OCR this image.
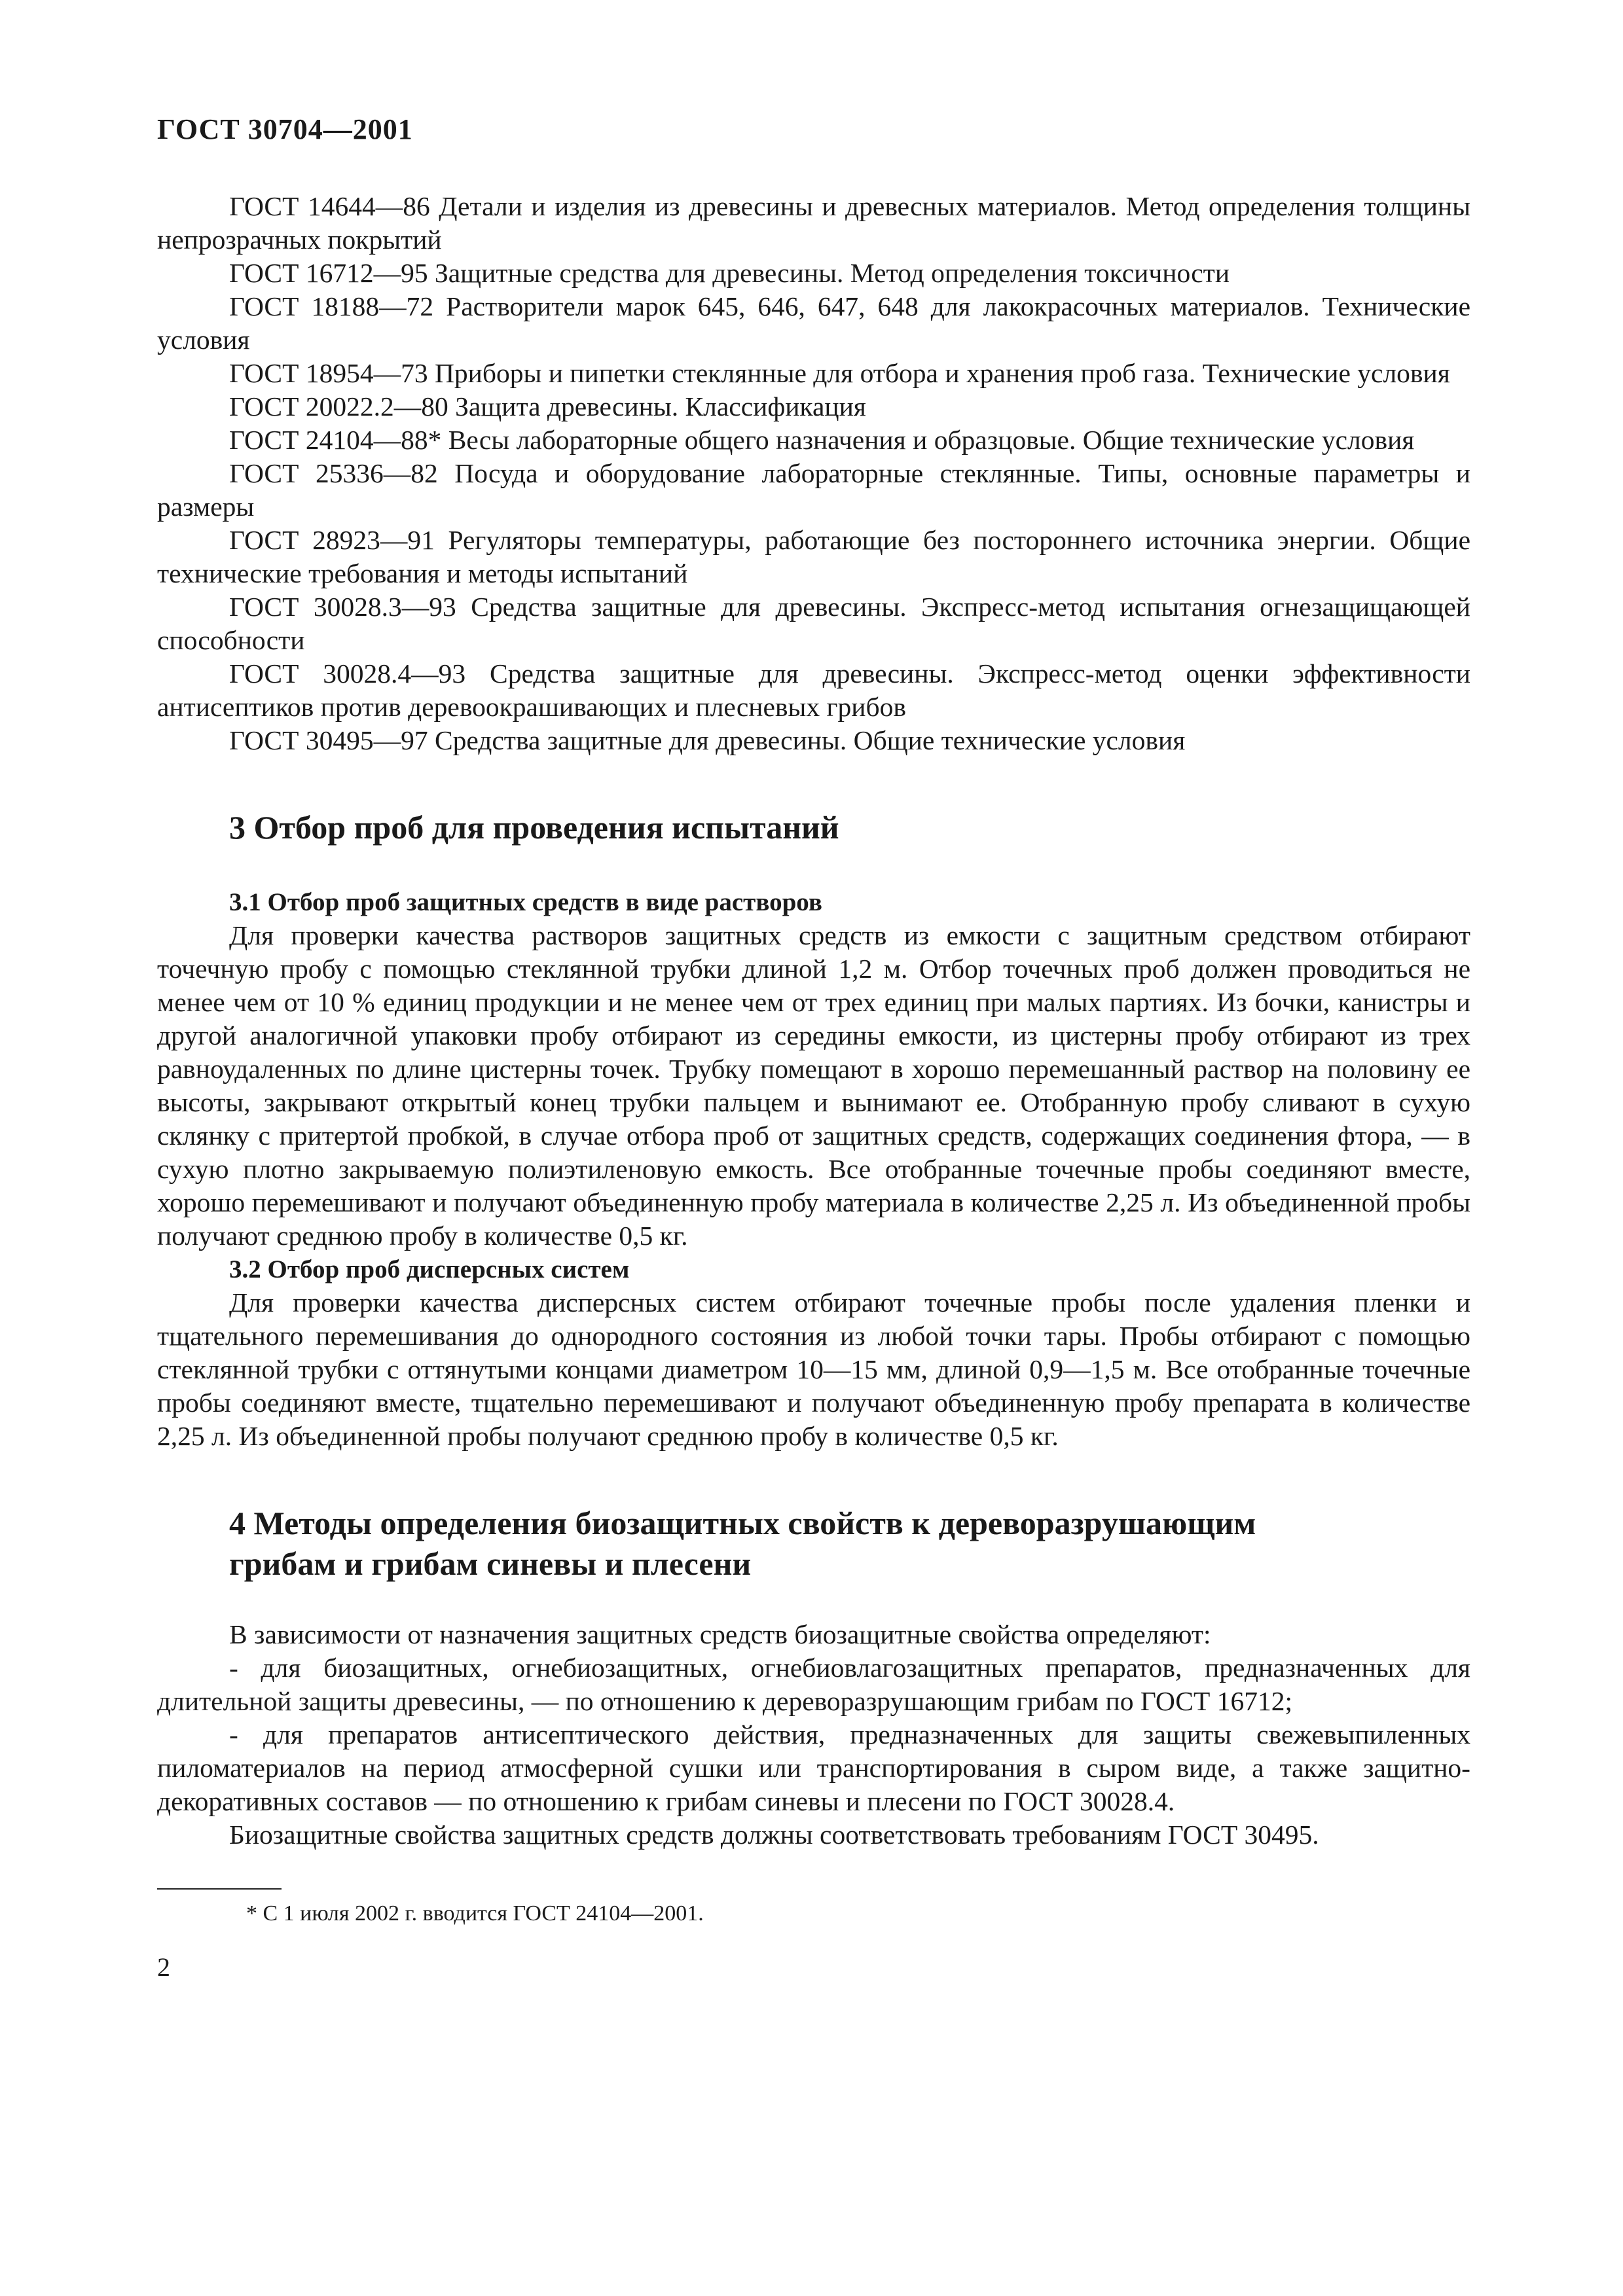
ГОСТ 30704—2001

ГОСТ 14644—86 Детали и изделия из древесины и древесных материалов. Метод определения толщины непрозрачных покрытий

ГОСТ 16712—95 Защитные средства для древесины. Метод определения токсичности

ГОСТ 18188—72 Растворители марок 645, 646, 647, 648 для лакокрасочных материалов. Технические условия

ГОСТ 18954—73 Приборы и пипетки стеклянные для отбора и хранения проб газа. Технические условия

ГОСТ 20022.2—80 Защита древесины. Классификация

ГОСТ 24104—88* Весы лабораторные общего назначения и образцовые. Общие технические условия

ГОСТ 25336—82 Посуда и оборудование лабораторные стеклянные. Типы, основные параметры и размеры

ГОСТ 28923—91 Регуляторы температуры, работающие без постороннего источника энергии. Общие технические требования и методы испытаний

ГОСТ 30028.3—93 Средства защитные для древесины. Экспресс-метод испытания огнезащищающей способности

ГОСТ 30028.4—93 Средства защитные для древесины. Экспресс-метод оценки эффективности антисептиков против деревоокрашивающих и плесневых грибов

ГОСТ 30495—97 Средства защитные для древесины. Общие технические условия

3 Отбор проб для проведения испытаний

3.1 Отбор проб защитных средств в виде растворов

Для проверки качества растворов защитных средств из емкости с защитным средством отбирают точечную пробу с помощью стеклянной трубки длиной 1,2 м. Отбор точечных проб должен проводиться не менее чем от 10 % единиц продукции и не менее чем от трех единиц при малых партиях. Из бочки, канистры и другой аналогичной упаковки пробу отбирают из середины емкости, из цистерны пробу отбирают из трех равноудаленных по длине цистерны точек. Трубку помещают в хорошо перемешанный раствор на половину ее высоты, закрывают открытый конец трубки пальцем и вынимают ее. Отобранную пробу сливают в сухую склянку с притертой пробкой, в случае отбора проб от защитных средств, содержащих соединения фтора, — в сухую плотно закрываемую полиэтиленовую емкость. Все отобранные точечные пробы соединяют вместе, хорошо перемешивают и получают объединенную пробу материала в количестве 2,25 л. Из объединенной пробы получают среднюю пробу в количестве 0,5 кг.

3.2 Отбор проб дисперсных систем

Для проверки качества дисперсных систем отбирают точечные пробы после удаления пленки и тщательного перемешивания до однородного состояния из любой точки тары. Пробы отбирают с помощью стеклянной трубки с оттянутыми концами диаметром 10—15 мм, длиной 0,9—1,5 м. Все отобранные точечные пробы соединяют вместе, тщательно перемешивают и получают объединенную пробу препарата в количестве 2,25 л. Из объединенной пробы получают среднюю пробу в количестве 0,5 кг.

4 Методы определения биозащитных свойств к дереворазрушающим
грибам и грибам синевы и плесени

В зависимости от назначения защитных средств биозащитные свойства определяют:

- для биозащитных, огнебиозащитных, огнебиовлагозащитных препаратов, предназначенных для длительной защиты древесины, — по отношению к дереворазрушающим грибам по ГОСТ 16712;

- для препаратов антисептического действия, предназначенных для защиты свежевыпиленных пиломатериалов на период атмосферной сушки или транспортирования в сыром виде, а также защитно-декоративных составов — по отношению к грибам синевы и плесени по ГОСТ 30028.4.

Биозащитные свойства защитных средств должны соответствовать требованиям ГОСТ 30495.

* С 1 июля 2002 г. вводится ГОСТ 24104—2001.

2
